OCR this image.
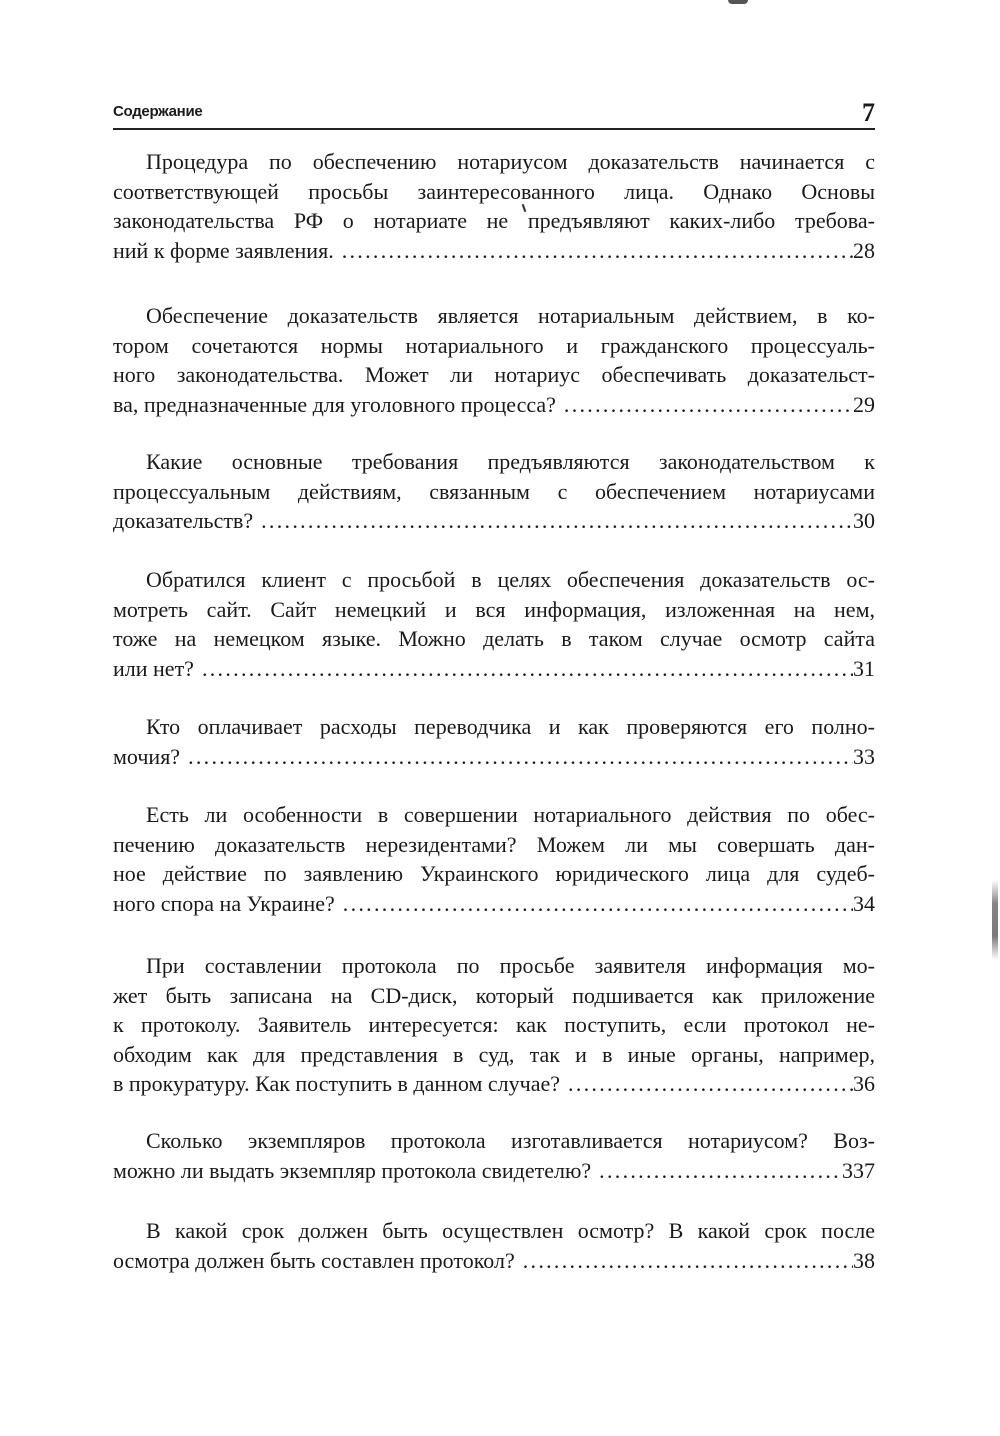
Содержание	7
Процедура по обеспечению нотариусом доказательств начинается с
соответствующей просьбы заинтересованного лица. Однако Основы
законодательства РФ о нотариате не предъявляют каких-либо требова-
ний к форме заявления. . . .	28
Обеспечение доказательств является нотариальным действием, в ко-
тором сочетаются нормы нотариального и гражданского процессуаль-
ного законодательства. Может ли нотариус обеспечивать доказательст-
ва, предназначенные для уголовного процесса? . . .	29
Какие основные требования предъявляются законодательством к
процессуальным действиям, связанным с обеспечением нотариусами
доказательств? . . .	30
Обратился клиент с просьбой в целях обеспечения доказательств ос-
мотреть сайт. Сайт немецкий и вся информация, изложенная на нем,
тоже на немецком языке. Можно делать в таком случае осмотр сайта
или нет? . . .	31
Кто оплачивает расходы переводчика и как проверяются его полно-
мочия? . . .	33
Есть ли особенности в совершении нотариального действия по обес-
печению доказательств нерезидентами? Можем ли мы совершать дан-
ное действие по заявлению Украинского юридического лица для судеб-
ного спора на Украине? . . .	34
При составлении протокола по просьбе заявителя информация мо-
жет быть записана на CD-диск, который подшивается как приложение
к протоколу. Заявитель интересуется: как поступить, если протокол не-
обходим как для представления в суд, так и в иные органы, например,
в прокуратуру. Как поступить в данном случае? . . .	36
Сколько экземпляров протокола изготавливается нотариусом? Воз-
можно ли выдать экземпляр протокола свидетелю? . . .	337
В какой срок должен быть осуществлен осмотр? В какой срок после
осмотра должен быть составлен протокол? . . .	38
